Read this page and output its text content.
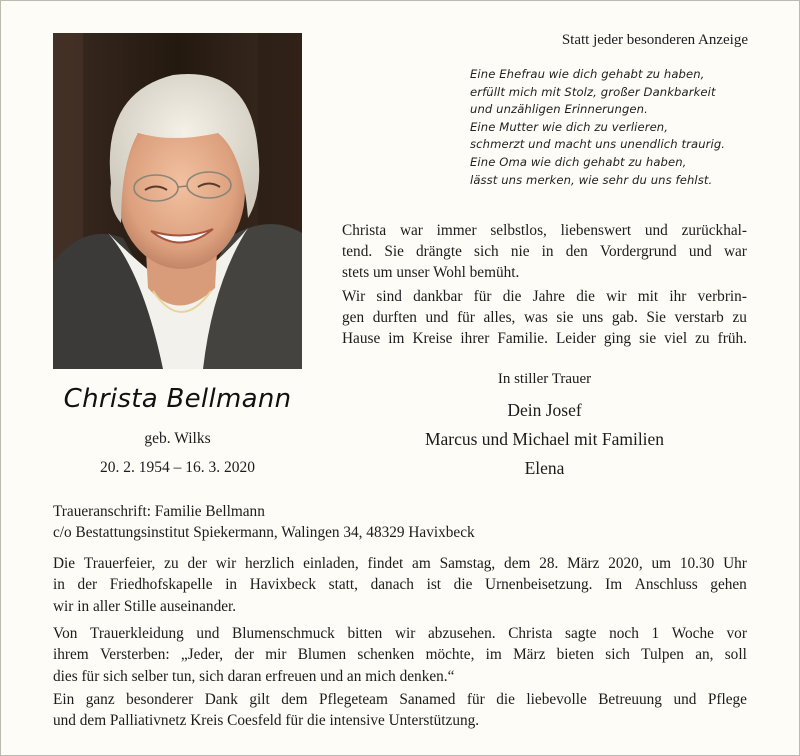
Christa Bellmann
geb. Wilks
20. 2. 1954 – 16. 3. 2020
Statt jeder besonderen Anzeige
Eine Ehefrau wie dich gehabt zu haben,
erfüllt mich mit Stolz, großer Dankbarkeit
und unzähligen Erinnerungen.
Eine Mutter wie dich zu verlieren,
schmerzt und macht uns unendlich traurig.
Eine Oma wie dich gehabt zu haben,
lässt uns merken, wie sehr du uns fehlst.
Christa war immer selbstlos, liebenswert und zurückhal-
tend. Sie drängte sich nie in den Vordergrund und war
stets um unser Wohl bemüht.
Wir sind dankbar für die Jahre die wir mit ihr verbrin-
gen durften und für alles, was sie uns gab. Sie verstarb zu
Hause im Kreise ihrer Familie. Leider ging sie viel zu früh.
In stiller Trauer
Dein Josef
Marcus und Michael mit Familien
Elena
Traueranschrift: Familie Bellmann
c/o Bestattungsinstitut Spiekermann, Walingen 34, 48329 Havixbeck
Die Trauerfeier, zu der wir herzlich einladen, findet am Samstag, dem 28. März 2020, um 10.30 Uhr
in der Friedhofskapelle in Havixbeck statt, danach ist die Urnenbeisetzung. Im Anschluss gehen
wir in aller Stille auseinander.
Von Trauerkleidung und Blumenschmuck bitten wir abzusehen. Christa sagte noch 1 Woche vor
ihrem Versterben: „Jeder, der mir Blumen schenken möchte, im März bieten sich Tulpen an, soll
dies für sich selber tun, sich daran erfreuen und an mich denken.“
Ein ganz besonderer Dank gilt dem Pflegeteam Sanamed für die liebevolle Betreuung und Pflege
und dem Palliativnetz Kreis Coesfeld für die intensive Unterstützung.
